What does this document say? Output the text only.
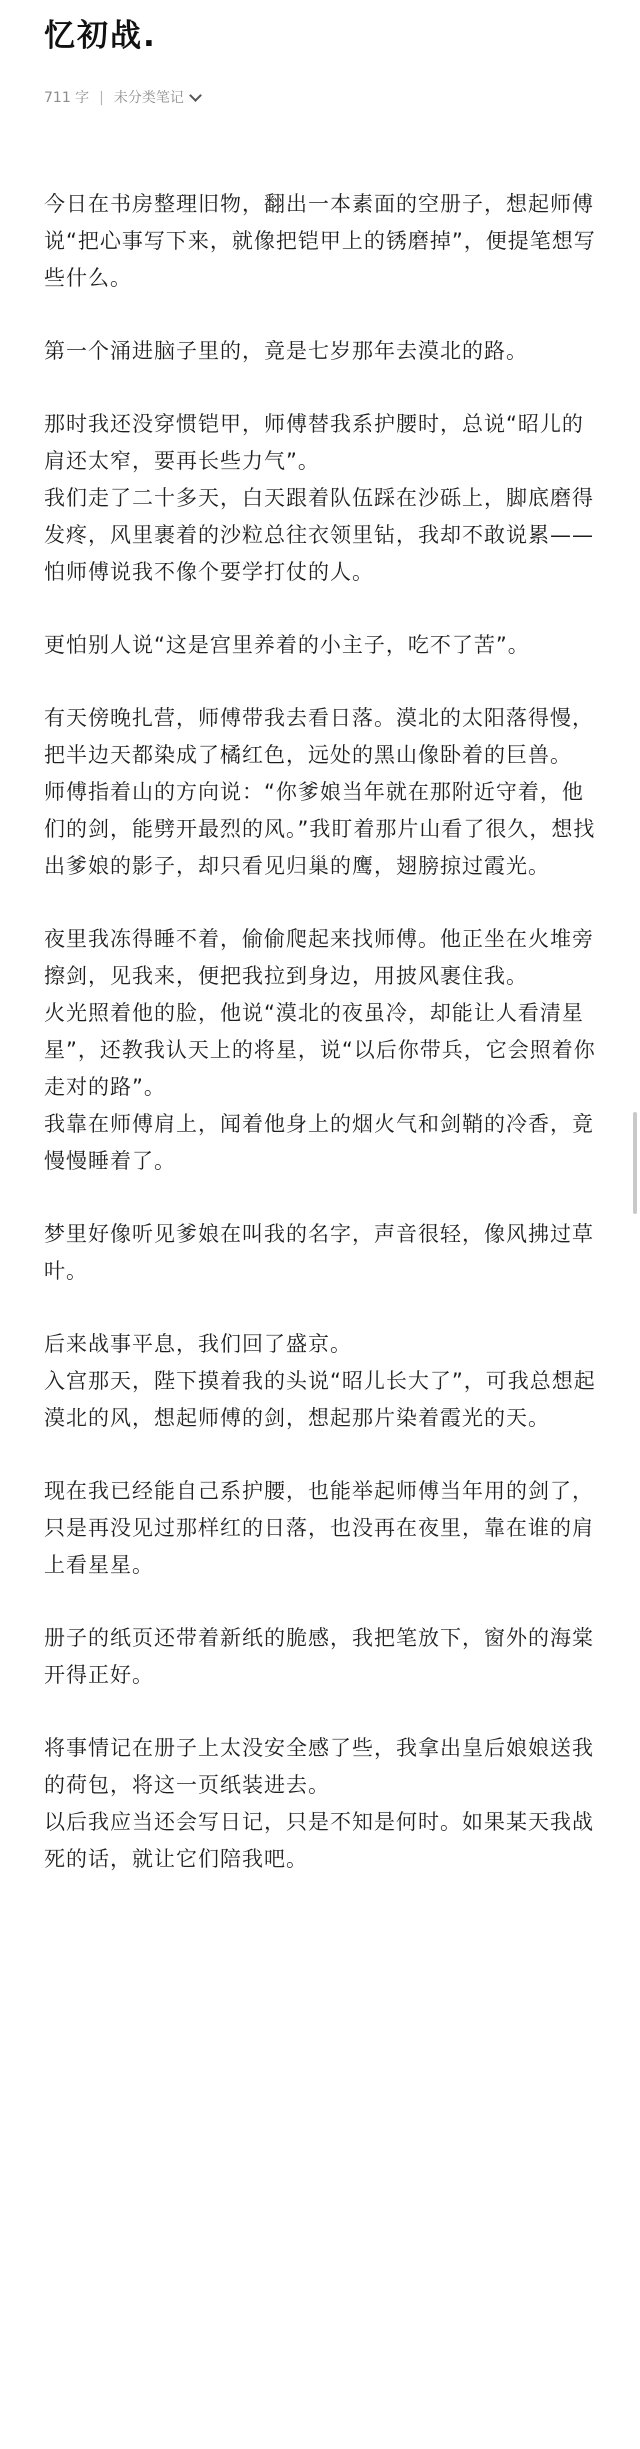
忆初战.
711 字 | 未分类笔记

今日在书房整理旧物，翻出一本素面的空册子，想起师傅说“把心事写下来，就像把铠甲上的锈磨掉”，便提笔想写些什么。

第一个涌进脑子里的，竟是七岁那年去漠北的路。

那时我还没穿惯铠甲，师傅替我系护腰时，总说“昭儿的肩还太窄，要再长些力气”。

我们走了二十多天，白天跟着队伍踩在沙砾上，脚底磨得发疼，风里裹着的沙粒总往衣领里钻，我却不敢说累——怕师傅说我不像个要学打仗的人。

更怕别人说“这是宫里养着的小主子，吃不了苦”。

有天傍晚扎营，师傅带我去看日落。漠北的太阳落得慢，把半边天都染成了橘红色，远处的黑山像卧着的巨兽。

师傅指着山的方向说：“你爹娘当年就在那附近守着，他们的剑，能劈开最烈的风。”我盯着那片山看了很久，想找出爹娘的影子，却只看见归巢的鹰，翅膀掠过霞光。

夜里我冻得睡不着，偷偷爬起来找师傅。他正坐在火堆旁擦剑，见我来，便把我拉到身边，用披风裹住我。

火光照着他的脸，他说“漠北的夜虽冷，却能让人看清星星”，还教我认天上的将星，说“以后你带兵，它会照着你走对的路”。

我靠在师傅肩上，闻着他身上的烟火气和剑鞘的冷香，竟慢慢睡着了。

梦里好像听见爹娘在叫我的名字，声音很轻，像风拂过草叶。

后来战事平息，我们回了盛京。

入宫那天，陛下摸着我的头说“昭儿长大了”，可我总想起漠北的风，想起师傅的剑，想起那片染着霞光的天。

现在我已经能自己系护腰，也能举起师傅当年用的剑了，只是再没见过那样红的日落，也没再在夜里，靠在谁的肩上看星星。

册子的纸页还带着新纸的脆感，我把笔放下，窗外的海棠开得正好。

将事情记在册子上太没安全感了些，我拿出皇后娘娘送我的荷包，将这一页纸装进去。

以后我应当还会写日记，只是不知是何时。如果某天我战死的话，就让它们陪我吧。
